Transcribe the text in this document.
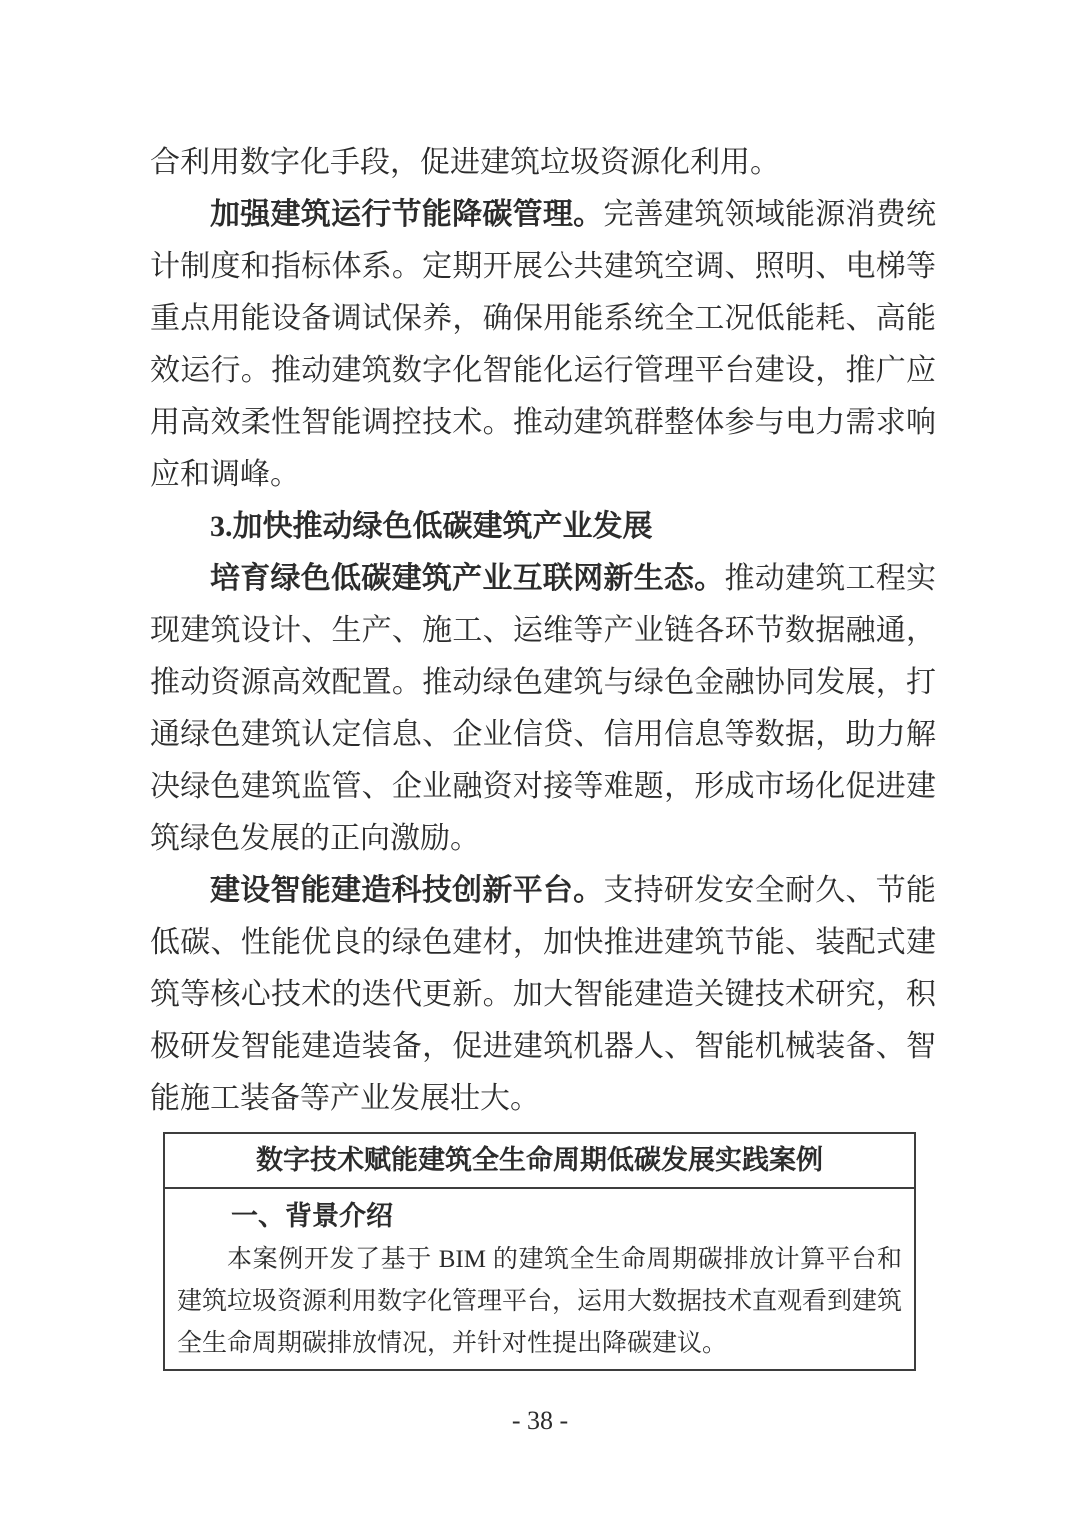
合利用数字化手段，促进建筑垃圾资源化利用。

加强建筑运行节能降碳管理。完善建筑领域能源消费统计制度和指标体系。定期开展公共建筑空调、照明、电梯等重点用能设备调试保养，确保用能系统全工况低能耗、高能效运行。推动建筑数字化智能化运行管理平台建设，推广应用高效柔性智能调控技术。推动建筑群整体参与电力需求响应和调峰。

3.加快推动绿色低碳建筑产业发展

培育绿色低碳建筑产业互联网新生态。推动建筑工程实现建筑设计、生产、施工、运维等产业链各环节数据融通，推动资源高效配置。推动绿色建筑与绿色金融协同发展，打通绿色建筑认定信息、企业信贷、信用信息等数据，助力解决绿色建筑监管、企业融资对接等难题，形成市场化促进建筑绿色发展的正向激励。

建设智能建造科技创新平台。支持研发安全耐久、节能低碳、性能优良的绿色建材，加快推进建筑节能、装配式建筑等核心技术的迭代更新。加大智能建造关键技术研究，积极研发智能建造装备，促进建筑机器人、智能机械装备、智能施工装备等产业发展壮大。

数字技术赋能建筑全生命周期低碳发展实践案例
一、背景介绍

本案例开发了基于 BIM 的建筑全生命周期碳排放计算平台和建筑垃圾资源利用数字化管理平台，运用大数据技术直观看到建筑全生命周期碳排放情况，并针对性提出降碳建议。

- 38 -
